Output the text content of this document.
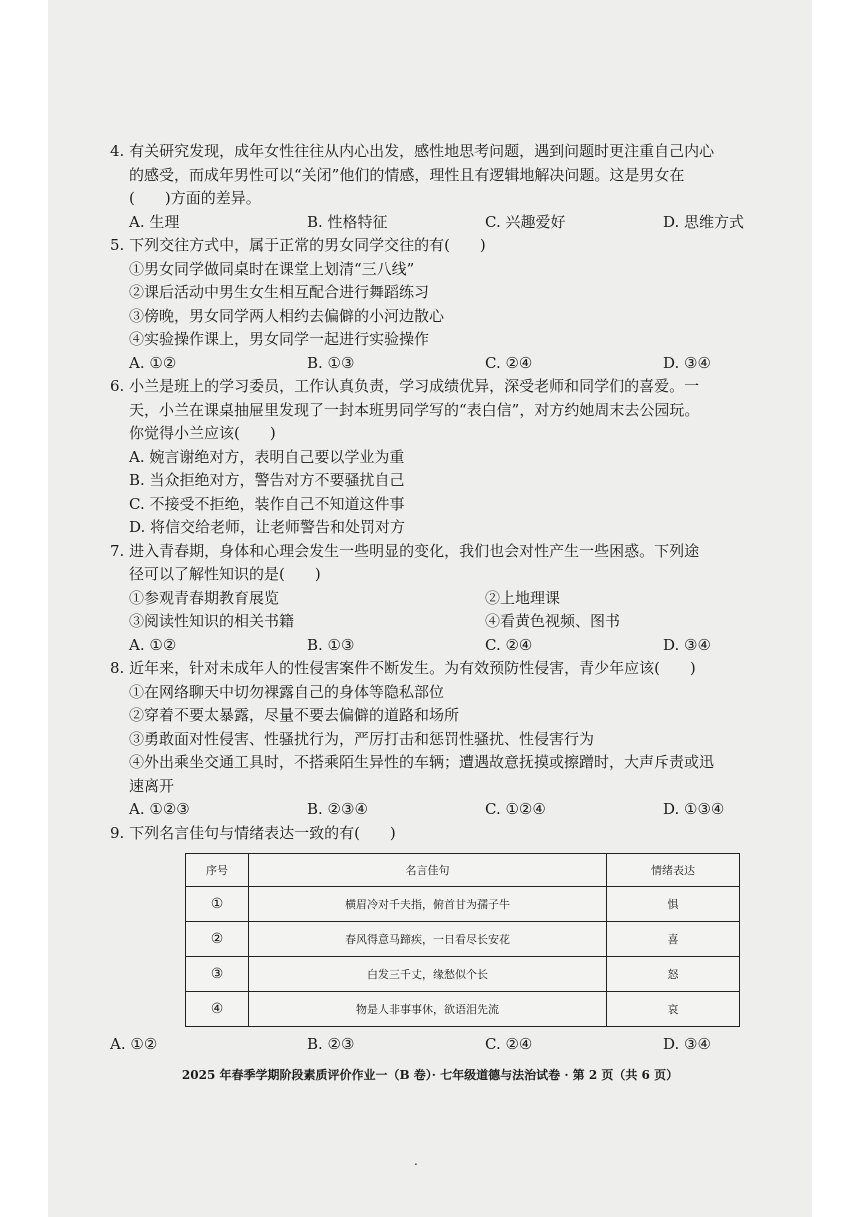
4. 有关研究发现，成年女性往往从内心出发，感性地思考问题，遇到问题时更注重自己内心
的感受，而成年男性可以“关闭”他们的情感，理性且有逻辑地解决问题。这是男女在
(　　)方面的差异。
A. 生理	B. 性格特征	C. 兴趣爱好	D. 思维方式
5. 下列交往方式中，属于正常的男女同学交往的有(　　)
①男女同学做同桌时在课堂上划清“三八线”
②课后活动中男生女生相互配合进行舞蹈练习
③傍晚，男女同学两人相约去偏僻的小河边散心
④实验操作课上，男女同学一起进行实验操作
A. ①②	B. ①③	C. ②④	D. ③④
6. 小兰是班上的学习委员，工作认真负责，学习成绩优异，深受老师和同学们的喜爱。一
天，小兰在课桌抽屉里发现了一封本班男同学写的“表白信”，对方约她周末去公园玩。
你觉得小兰应该(　　)
A. 婉言谢绝对方，表明自己要以学业为重
B. 当众拒绝对方，警告对方不要骚扰自己
C. 不接受不拒绝，装作自己不知道这件事
D. 将信交给老师，让老师警告和处罚对方
7. 进入青春期，身体和心理会发生一些明显的变化，我们也会对性产生一些困惑。下列途
径可以了解性知识的是(　　)
①参观青春期教育展览	②上地理课
③阅读性知识的相关书籍	④看黄色视频、图书
A. ①②	B. ①③	C. ②④	D. ③④
8. 近年来，针对未成年人的性侵害案件不断发生。为有效预防性侵害，青少年应该(　　)
①在网络聊天中切勿裸露自己的身体等隐私部位
②穿着不要太暴露，尽量不要去偏僻的道路和场所
③勇敢面对性侵害、性骚扰行为，严厉打击和惩罚性骚扰、性侵害行为
④外出乘坐交通工具时，不搭乘陌生异性的车辆；遭遇故意抚摸或擦蹭时，大声斥责或迅
速离开
A. ①②③	B. ②③④	C. ①②④	D. ①③④
9. 下列名言佳句与情绪表达一致的有(　　)
序号	名言佳句	情绪表达
①	横眉冷对千夫指，俯首甘为孺子牛	惧
②	春风得意马蹄疾，一日看尽长安花	喜
③	白发三千丈，缘愁似个长	怒
④	物是人非事事休，欲语泪先流	哀
A. ①②	B. ②③	C. ②④	D. ③④
2025 年春季学期阶段素质评价作业一（B 卷）· 七年级道德与法治试卷 · 第 2 页（共 6 页）
.
